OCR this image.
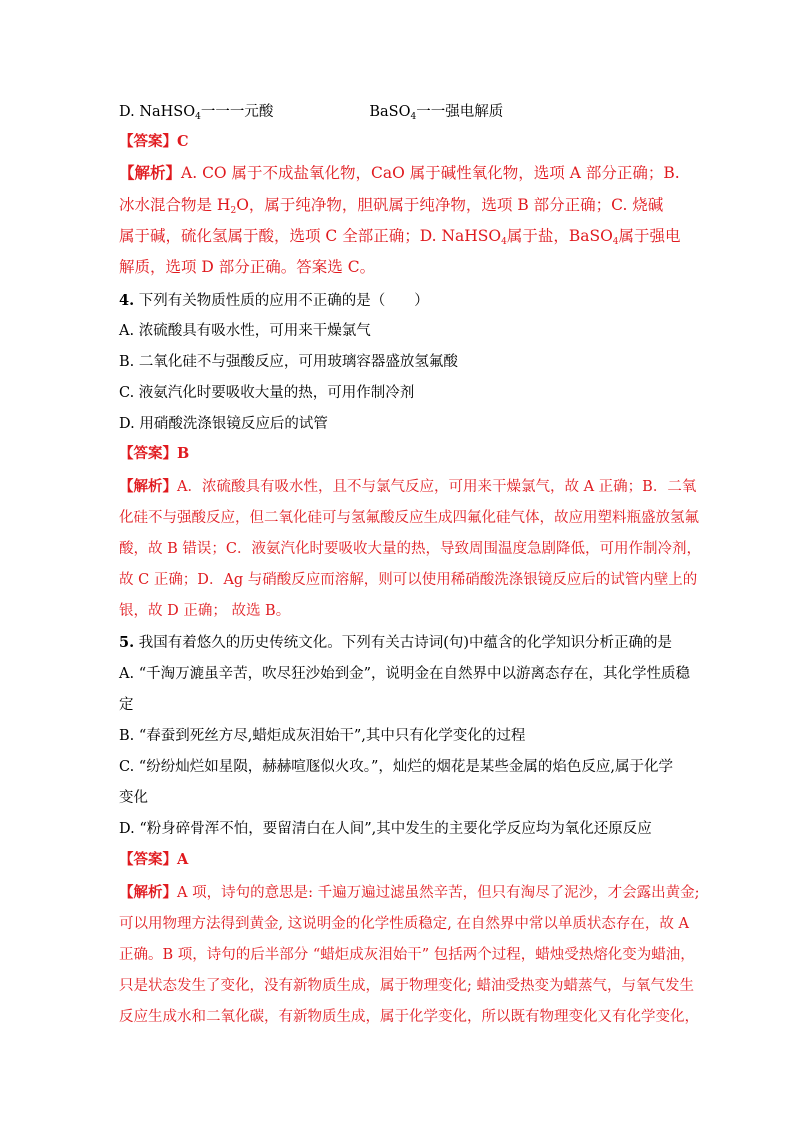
D. NaHSO$_4$一一一元酸	BaSO$_4$一一强电解质
【答案】C
【解析】A. CO 属于不成盐氧化物，CaO 属于碱性氧化物，选项 A 部分正确；B.
冰水混合物是 $H_2O$，属于纯净物，胆矾属于纯净物，选项 B 部分正确；C. 烧碱
属于碱，硫化氢属于酸，选项 C 全部正确；D. NaHSO$_4$属于盐，BaSO$_4$属于强电
解质，选项 D 部分正确。答案选 C。
4. 下列有关物质性质的应用不正确的是（　　）
A. 浓硫酸具有吸水性，可用来干燥氯气
B. 二氧化硅不与强酸反应，可用玻璃容器盛放氢氟酸
C. 液氨汽化时要吸收大量的热，可用作制冷剂
D. 用硝酸洗涤银镜反应后的试管
【答案】B
【解析】A．浓硫酸具有吸水性，且不与氯气反应，可用来干燥氯气，故 A 正确；B．二氧
化硅不与强酸反应，但二氧化硅可与氢氟酸反应生成四氟化硅气体，故应用塑料瓶盛放氢氟
酸，故 B 错误；C．液氨汽化时要吸收大量的热，导致周围温度急剧降低，可用作制冷剂，
故 C 正确；D．Ag 与硝酸反应而溶解，则可以使用稀硝酸洗涤银镜反应后的试管内壁上的
银，故 D 正确； 故选 B。
5. 我国有着悠久的历史传统文化。下列有关古诗词(句)中蕴含的化学知识分析正确的是
A. “千淘万漉虽辛苦，吹尽狂沙始到金”，说明金在自然界中以游离态存在，其化学性质稳
定
B. “春蚕到死丝方尽,蜡炬成灰泪始干”,其中只有化学变化的过程
C. “纷纷灿烂如星陨，赫赫喧豗似火攻。”，灿烂的烟花是某些金属的焰色反应,属于化学
变化
D. “粉身碎骨浑不怕，要留清白在人间”,其中发生的主要化学反应均为氧化还原反应
【答案】A
【解析】A 项，诗句的意思是: 千遍万遍过滤虽然辛苦，但只有淘尽了泥沙，才会露出黄金;
可以用物理方法得到黄金, 这说明金的化学性质稳定, 在自然界中常以单质状态存在，故 A
正确。B 项，诗句的后半部分 “蜡炬成灰泪始干” 包括两个过程，蜡烛受热熔化变为蜡油，
只是状态发生了变化，没有新物质生成，属于物理变化; 蜡油受热变为蜡蒸气，与氧气发生
反应生成水和二氧化碳，有新物质生成，属于化学变化，所以既有物理变化又有化学变化，
